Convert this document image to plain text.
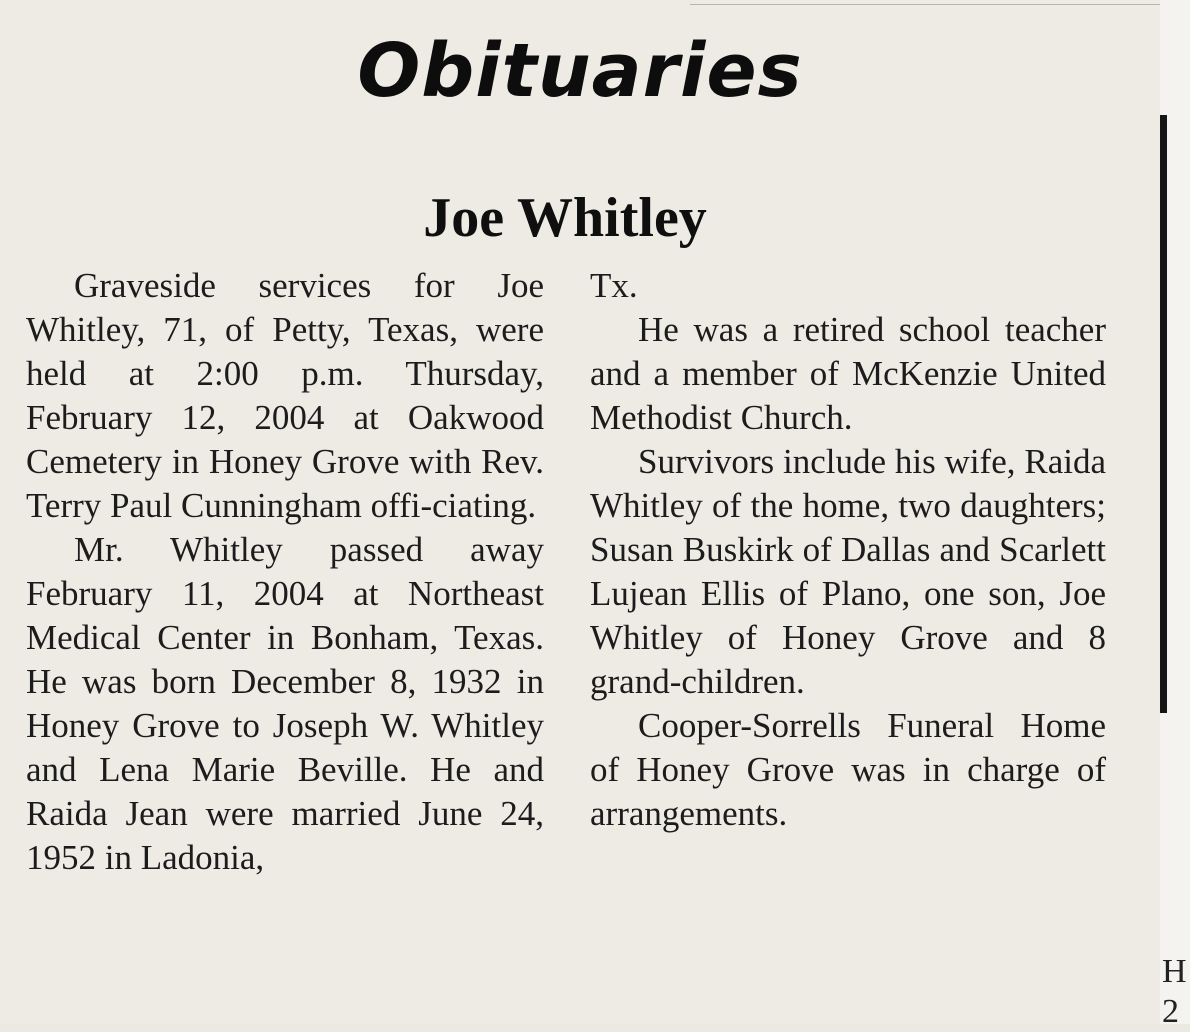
H
2
Obituaries
Joe Whitley

Graveside services for Joe Whitley, 71, of Petty, Texas, were held at 2:00 p.m. Thursday, February 12, 2004 at Oakwood Cemetery in Honey Grove with Rev. Terry Paul Cunningham offi-ciating.

Mr. Whitley passed away February 11, 2004 at Northeast Medical Center in Bonham, Texas. He was born December 8, 1932 in Honey Grove to Joseph W. Whitley and Lena Marie Beville. He and Raida Jean were married June 24, 1952 in Ladonia,

Tx.

He was a retired school teacher and a member of McKenzie United Methodist Church.

Survivors include his wife, Raida Whitley of the home, two daughters; Susan Buskirk of Dallas and Scarlett Lujean Ellis of Plano, one son, Joe Whitley of Honey Grove and 8 grand-children.

Cooper-Sorrells Funeral Home of Honey Grove was in charge of arrangements.
